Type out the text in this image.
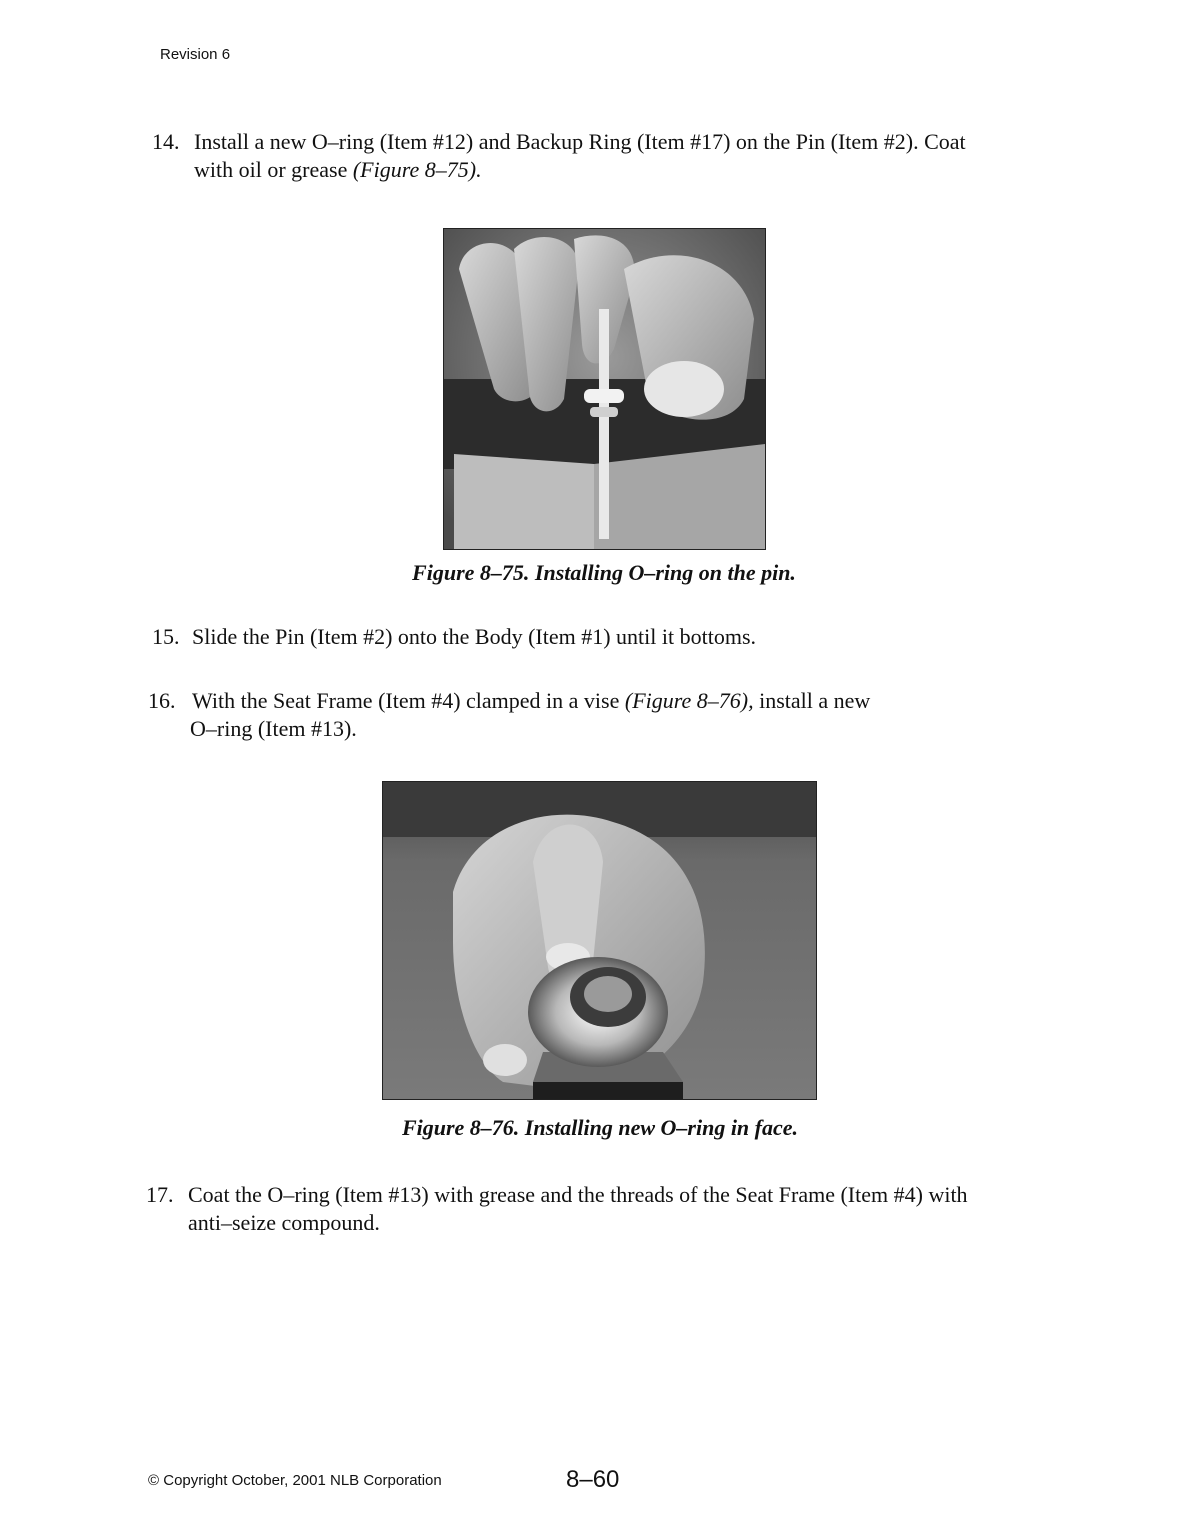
Revision 6
14. Install a new O–ring (Item #12) and Backup Ring (Item #17) on the Pin (Item #2). Coat
with oil or grease (Figure 8–75).
Figure 8–75. Installing O–ring on the pin.
15. Slide the Pin (Item #2) onto the Body (Item #1) until it bottoms.
16. With the Seat Frame (Item #4) clamped in a vise (Figure 8–76), install a new
O–ring (Item #13).
Figure 8–76. Installing new O–ring in face.
17. Coat the O–ring (Item #13) with grease and the threads of the Seat Frame (Item #4) with
anti–seize compound.
© Copyright October, 2001 NLB Corporation	8–60
